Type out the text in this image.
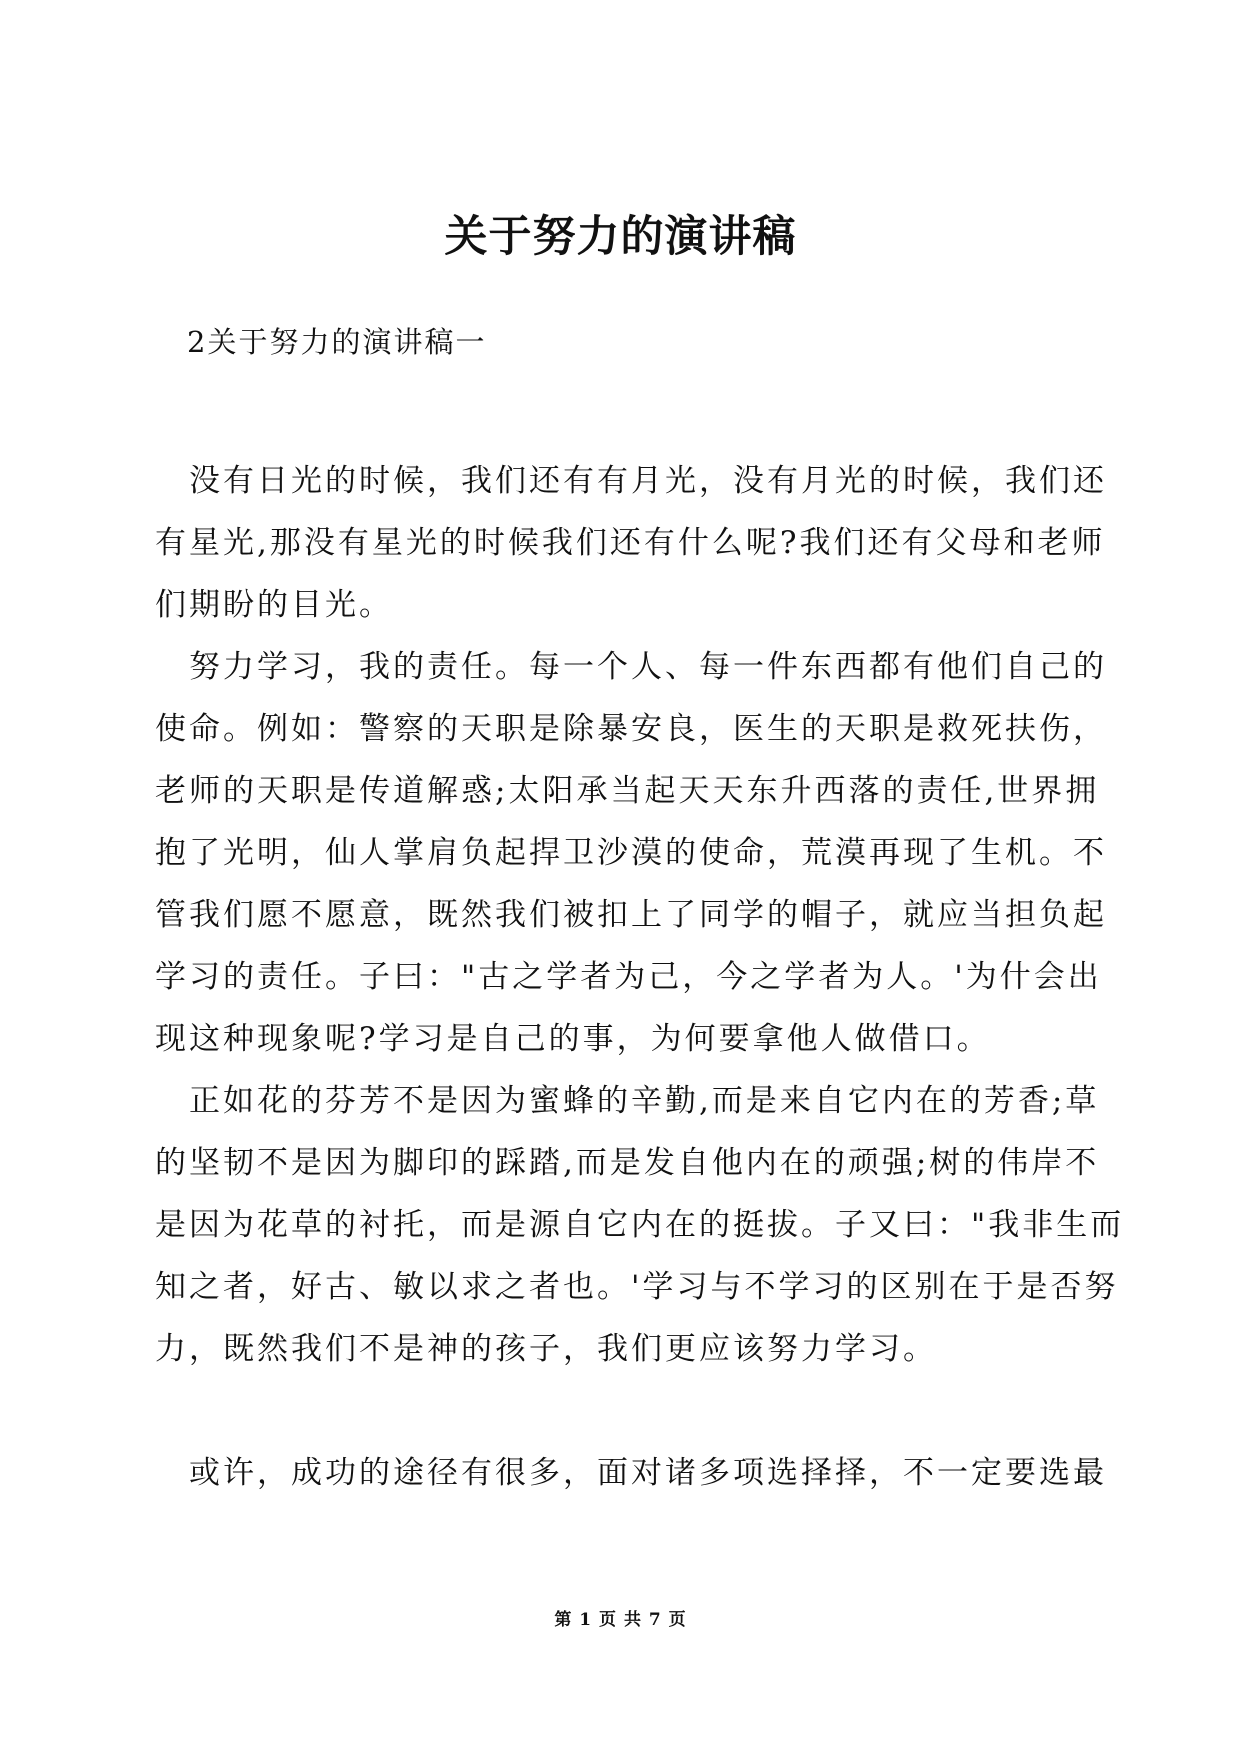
关于努力的演讲稿
2关于努力的演讲稿一

没有日光的时候，我们还有有月光，没有月光的时候，我们还
有星光,那没有星光的时候我们还有什么呢?我们还有父母和老师
们期盼的目光。

努力学习，我的责任。每一个人、每一件东西都有他们自己的
使命。例如：警察的天职是除暴安良，医生的天职是救死扶伤，
老师的天职是传道解惑;太阳承当起天天东升西落的责任,世界拥
抱了光明，仙人掌肩负起捍卫沙漠的使命，荒漠再现了生机。不
管我们愿不愿意，既然我们被扣上了同学的帽子，就应当担负起
学习的责任。子曰："古之学者为己，今之学者为人。'为什会出
现这种现象呢?学习是自己的事，为何要拿他人做借口。

正如花的芬芳不是因为蜜蜂的辛勤,而是来自它内在的芳香;草
的坚韧不是因为脚印的踩踏,而是发自他内在的顽强;树的伟岸不
是因为花草的衬托，而是源自它内在的挺拔。子又曰："我非生而
知之者，好古、敏以求之者也。'学习与不学习的区别在于是否努
力，既然我们不是神的孩子，我们更应该努力学习。

或许，成功的途径有很多，面对诸多项选择择，不一定要选最

第 1 页 共 7 页
